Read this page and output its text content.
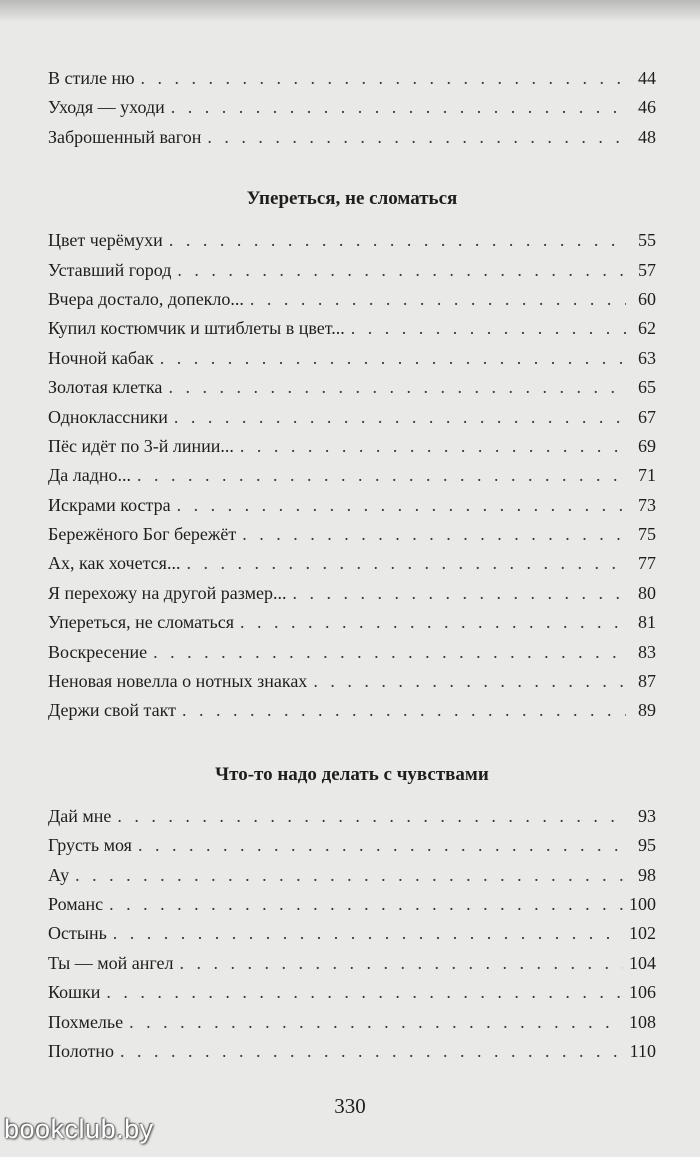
В стиле ню . . .	44
Уходя — уходи . . .	46
Заброшенный вагон . . .	48
Упереться, не сломаться
Цвет черёмухи . . .	55
Уставший город . . .	57
Вчера достало, допекло... . . .	60
Купил костюмчик и штиблеты в цвет... . . .	62
Ночной кабак . . .	63
Золотая клетка . . .	65
Одноклассники . . .	67
Пёс идёт по 3-й линии... . . .	69
Да ладно... . . .	71
Искрами костра . . .	73
Бережёного Бог бережёт . . .	75
Ах, как хочется... . . .	77
Я перехожу на другой размер... . . .	80
Упереться, не сломаться . . .	81
Воскресение . . .	83
Неновая новелла о нотных знаках . . .	87
Держи свой такт . . .	89
Что-то надо делать с чувствами
Дай мне . . .	93
Грусть моя . . .	95
Ау . . .	98
Романс . . .	100
Остынь . . .	102
Ты — мой ангел . . .	104
Кошки . . .	106
Похмелье . . .	108
Полотно . . .	110
330
bookclub.by
